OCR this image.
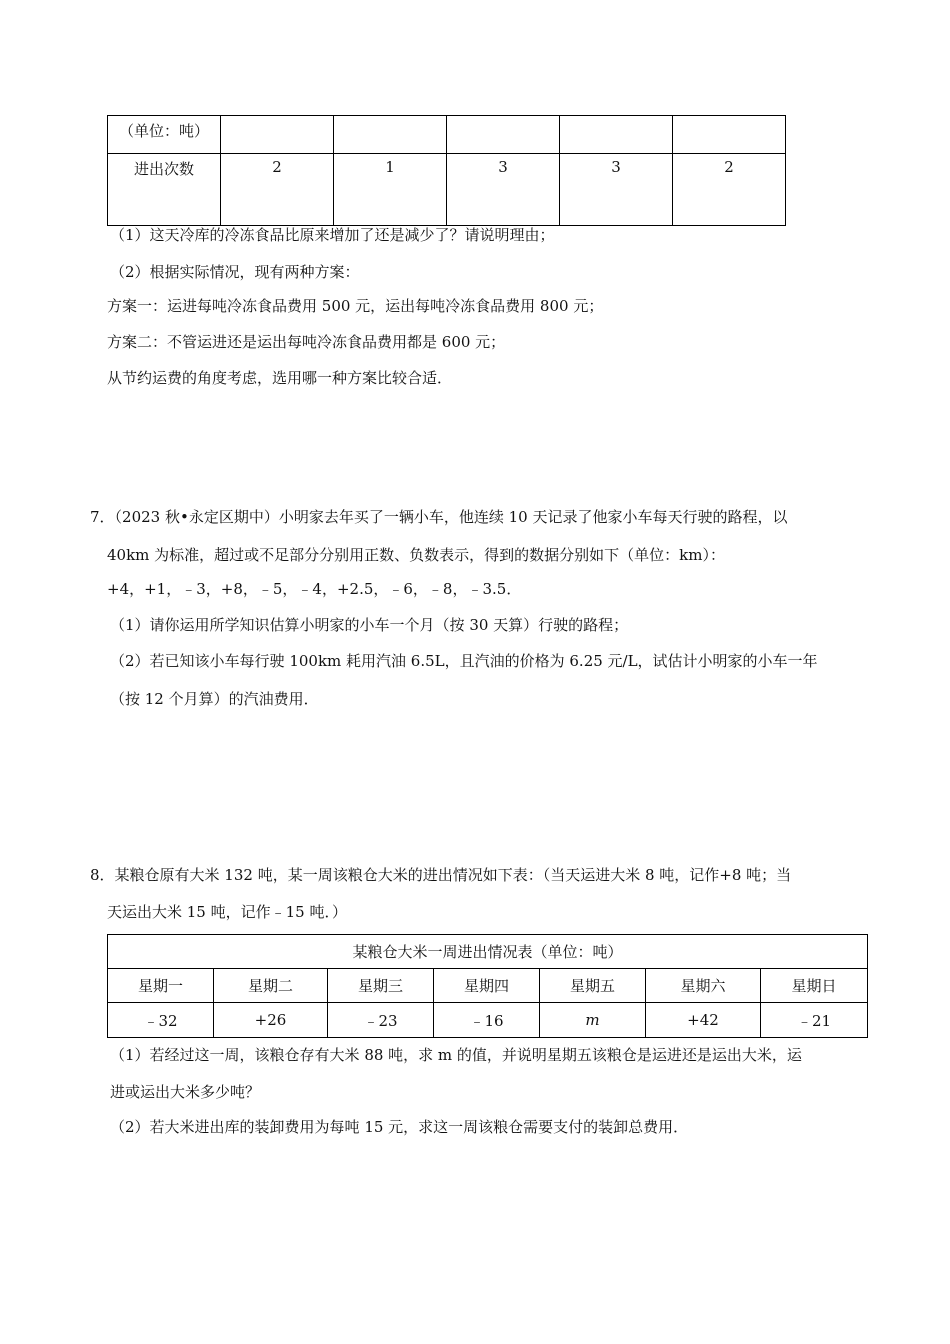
（单位：吨）					
进出次数	2	1	3	3	2
（1）这天冷库的冷冻食品比原来增加了还是减少了？请说明理由；
（2）根据实际情况，现有两种方案：
方案一：运进每吨冷冻食品费用 500 元，运出每吨冷冻食品费用 800 元；
方案二：不管运进还是运出每吨冷冻食品费用都是 600 元；
从节约运费的角度考虑，选用哪一种方案比较合适．
7．（2023 秋•永定区期中）小明家去年买了一辆小车，他连续 10 天记录了他家小车每天行驶的路程，以
40km 为标准，超过或不足部分分别用正数、负数表示，得到的数据分别如下（单位：km）：
+4，+1，﹣3，+8，﹣5，﹣4，+2.5，﹣6，﹣8，﹣3.5．
（1）请你运用所学知识估算小明家的小车一个月（按 30 天算）行驶的路程；
（2）若已知该小车每行驶 100km 耗用汽油 6.5L，且汽油的价格为 6.25 元/L，试估计小明家的小车一年
（按 12 个月算）的汽油费用．
8．某粮仓原有大米 132 吨，某一周该粮仓大米的进出情况如下表：（当天运进大米 8 吨，记作+8 吨；当
天运出大米 15 吨，记作﹣15 吨．）
某粮仓大米一周进出情况表（单位：吨）						
星期一	星期二	星期三	星期四	星期五	星期六	星期日
﹣32	+26	﹣23	﹣16	m	+42	﹣21
（1）若经过这一周，该粮仓存有大米 88 吨，求 m 的值，并说明星期五该粮仓是运进还是运出大米，运
进或运出大米多少吨？
（2）若大米进出库的装卸费用为每吨 15 元，求这一周该粮仓需要支付的装卸总费用．
